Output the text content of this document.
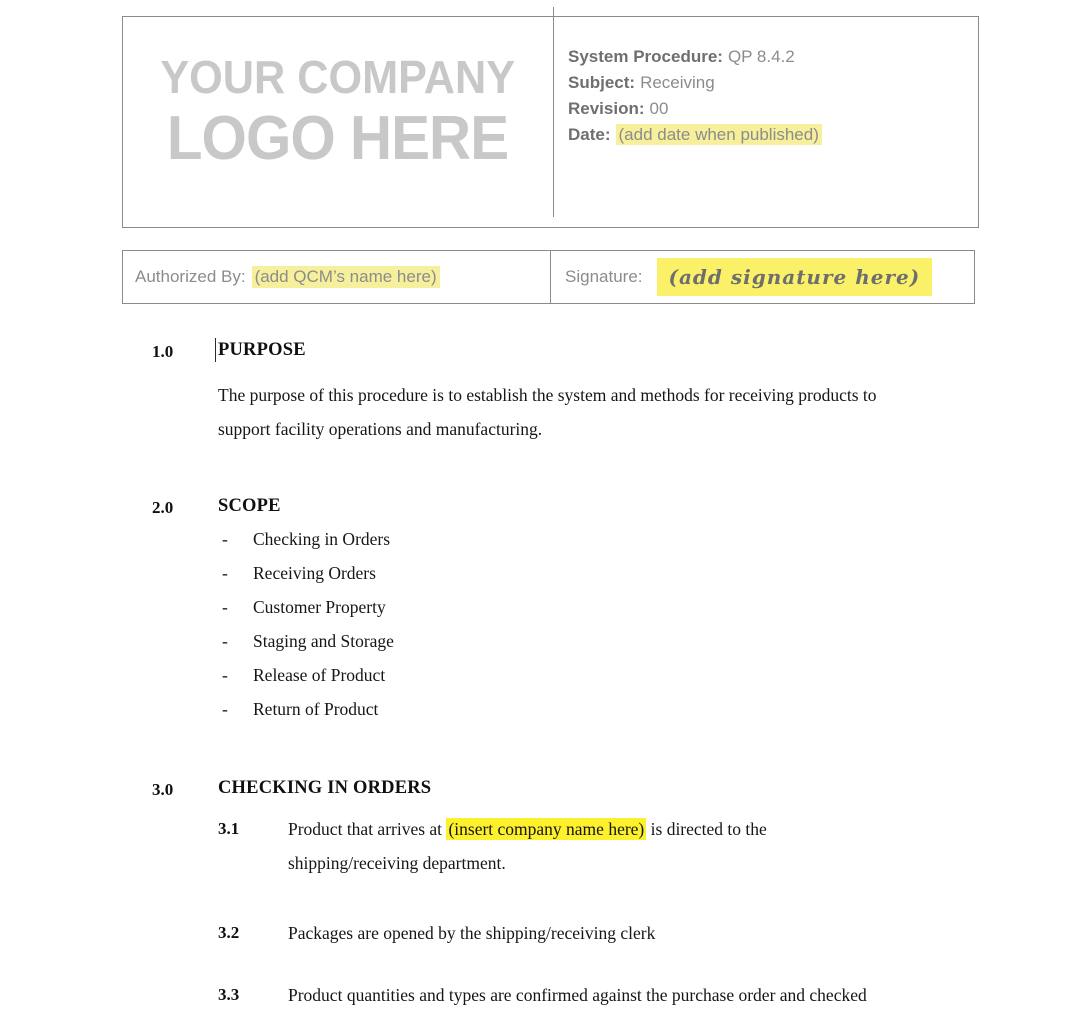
YOUR COMPANY
LOGO HERE
System Procedure: QP 8.4.2
Subject: Receiving
Revision: 00
Date: (add date when published)
Authorized By: (add QCM’s name here)	Signature:	(add signature here)
1.0 PURPOSE
The purpose of this procedure is to establish the system and methods for receiving products to support facility operations and manufacturing.
2.0 SCOPE
- Checking in Orders
- Receiving Orders
- Customer Property
- Staging and Storage
- Release of Product
- Return of Product
3.0 CHECKING IN ORDERS
3.1	Product that arrives at (insert company name here) is directed to the shipping/receiving department.
3.2	Packages are opened by the shipping/receiving clerk
3.3	Product quantities and types are confirmed against the purchase order and checked
